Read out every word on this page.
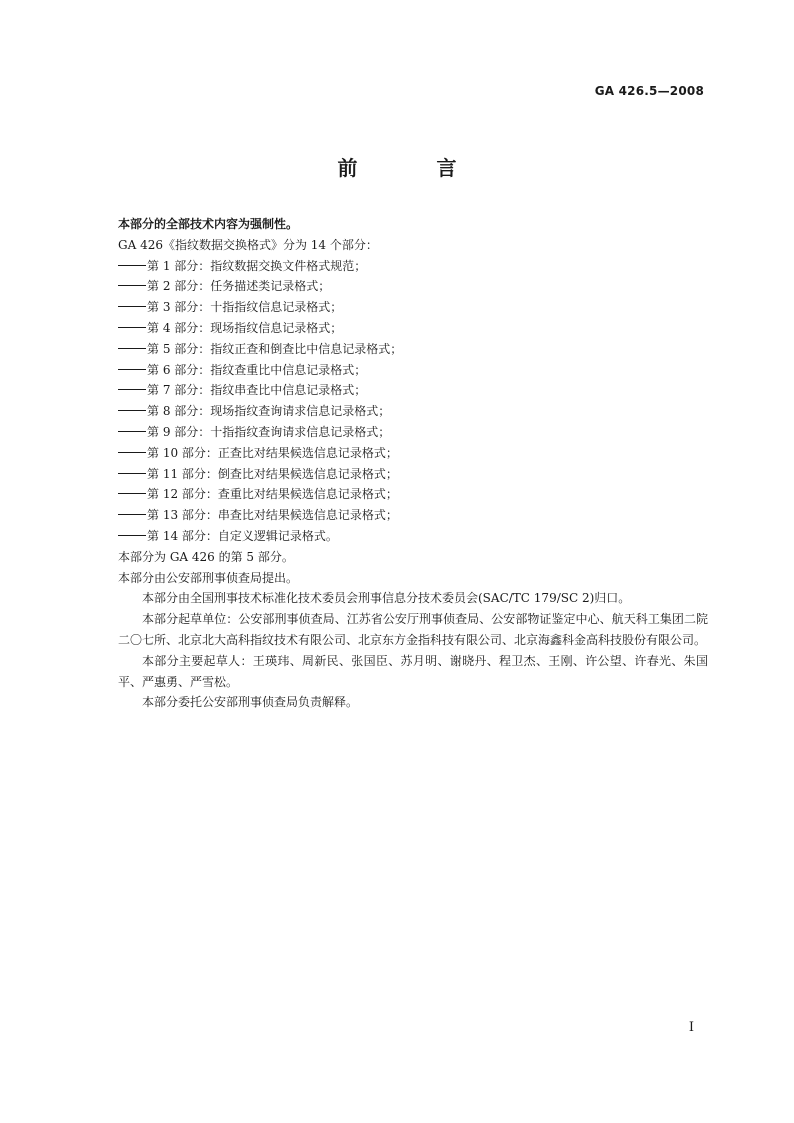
GA 426.5—2008
前 言

本部分的全部技术内容为强制性。

GA 426《指纹数据交换格式》分为 14 个部分：

第 1 部分：指纹数据交换文件格式规范；

第 2 部分：任务描述类记录格式；

第 3 部分：十指指纹信息记录格式；

第 4 部分：现场指纹信息记录格式；

第 5 部分：指纹正查和倒查比中信息记录格式；

第 6 部分：指纹查重比中信息记录格式；

第 7 部分：指纹串查比中信息记录格式；

第 8 部分：现场指纹查询请求信息记录格式；

第 9 部分：十指指纹查询请求信息记录格式；

第 10 部分：正查比对结果候选信息记录格式；

第 11 部分：倒查比对结果候选信息记录格式；

第 12 部分：查重比对结果候选信息记录格式；

第 13 部分：串查比对结果候选信息记录格式；

第 14 部分：自定义逻辑记录格式。

本部分为 GA 426 的第 5 部分。

本部分由公安部刑事侦查局提出。

本部分由全国刑事技术标准化技术委员会刑事信息分技术委员会(SAC/TC 179/SC 2)归口。

本部分起草单位：公安部刑事侦查局、江苏省公安厅刑事侦查局、公安部物证鉴定中心、航天科工集团二院二〇七所、北京北大高科指纹技术有限公司、北京东方金指科技有限公司、北京海鑫科金高科技股份有限公司。

本部分主要起草人：王瑛玮、周新民、张国臣、苏月明、谢晓丹、程卫杰、王刚、许公望、许春光、朱国平、严惠勇、严雪松。

本部分委托公安部刑事侦查局负责解释。

I
